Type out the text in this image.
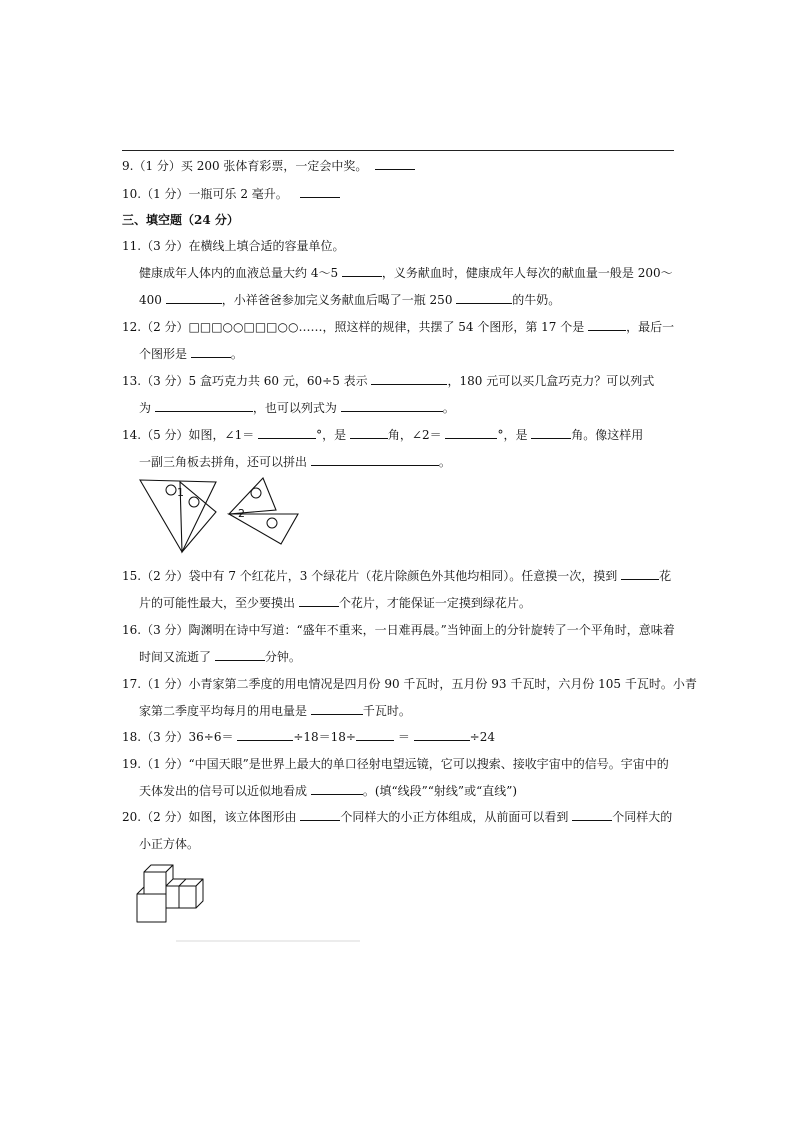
9.（1 分）买 200 张体育彩票，一定会中奖。
10.（1 分）一瓶可乐 2 毫升。
三、填空题（24 分）
11.（3 分）在横线上填合适的容量单位。
健康成年人体内的血液总量大约 4～5	，义务献血时，健康成年人每次的献血量一般是 200～
400	，小祥爸爸参加完义务献血后喝了一瓶 250	的牛奶。
12.（2 分）□□□○○□□□○○……，照这样的规律，共摆了 54 个图形，第 17 个是	，最后一
个图形是	。
13.（3 分）5 盒巧克力共 60 元，60÷5 表示	，180 元可以买几盒巧克力？可以列式
为	，也可以列式为	。
14.（5 分）如图，∠1＝	°，是	角，∠2＝	°，是	角。像这样用
一副三角板去拼角，还可以拼出	。
1
2
15.（2 分）袋中有 7 个红花片，3 个绿花片（花片除颜色外其他均相同）。任意摸一次，摸到	花
片的可能性最大，至少要摸出	个花片，才能保证一定摸到绿花片。
16.（3 分）陶渊明在诗中写道：“盛年不重来，一日难再晨。”当钟面上的分针旋转了一个平角时，意味着
时间又流逝了	分钟。
17.（1 分）小青家第二季度的用电情况是四月份 90 千瓦时，五月份 93 千瓦时，六月份 105 千瓦时。小青
家第二季度平均每月的用电量是	千瓦时。
18.（3 分）36÷6＝	÷18＝18÷	＝	÷24
19.（1 分）“中国天眼”是世界上最大的单口径射电望远镜，它可以搜索、接收宇宙中的信号。宇宙中的
天体发出的信号可以近似地看成	。(填“线段”“射线”或“直线”)
20.（2 分）如图，该立体图形由	个同样大的小正方体组成，从前面可以看到	个同样大的
小正方体。
